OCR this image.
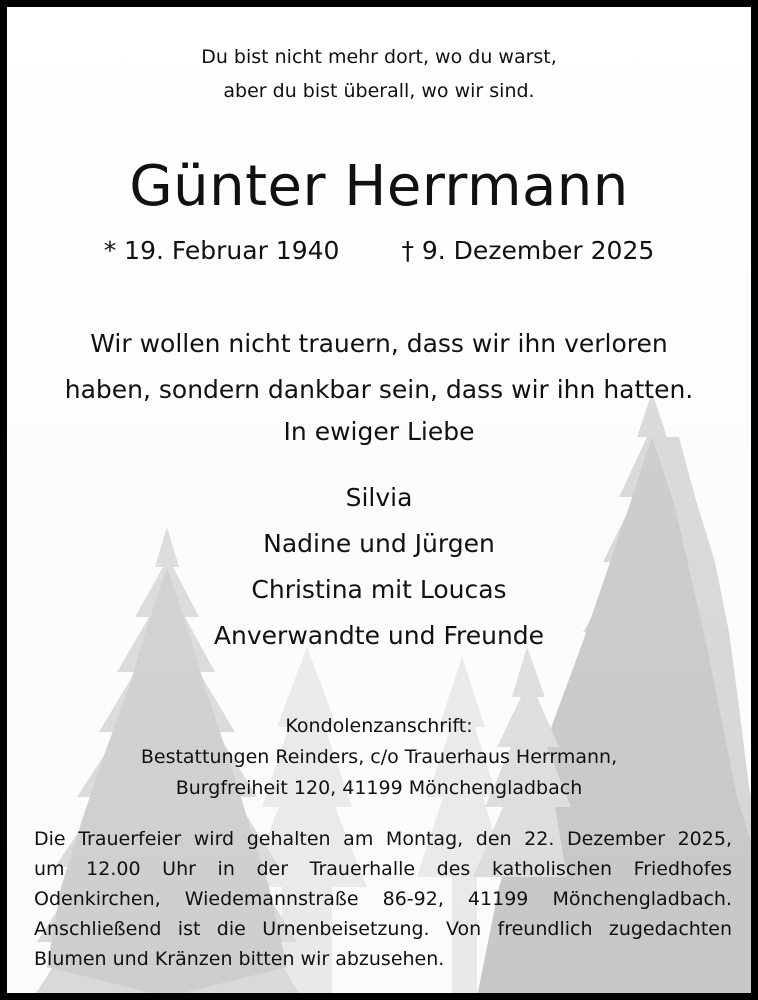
Du bist nicht mehr dort, wo du warst,
aber du bist überall, wo wir sind.
Günter Herrmann
* 19. Februar 1940 † 9. Dezember 2025
Wir wollen nicht trauern, dass wir ihn verloren
haben, sondern dankbar sein, dass wir ihn hatten.
In ewiger Liebe
Silvia
Nadine und Jürgen
Christina mit Loucas
Anverwandte und Freunde
Kondolenzanschrift:
Bestattungen Reinders, c/o Trauerhaus Herrmann,
Burgfreiheit 120, 41199 Mönchengladbach
Die Trauerfeier wird gehalten am Montag, den 22. Dezember 2025,
um 12.00 Uhr in der Trauerhalle des katholischen Friedhofes
Odenkirchen, Wiedemannstraße 86-92, 41199 Mönchengladbach.
Anschließend ist die Urnenbeisetzung. Von freundlich zugedachten
Blumen und Kränzen bitten wir abzusehen.
